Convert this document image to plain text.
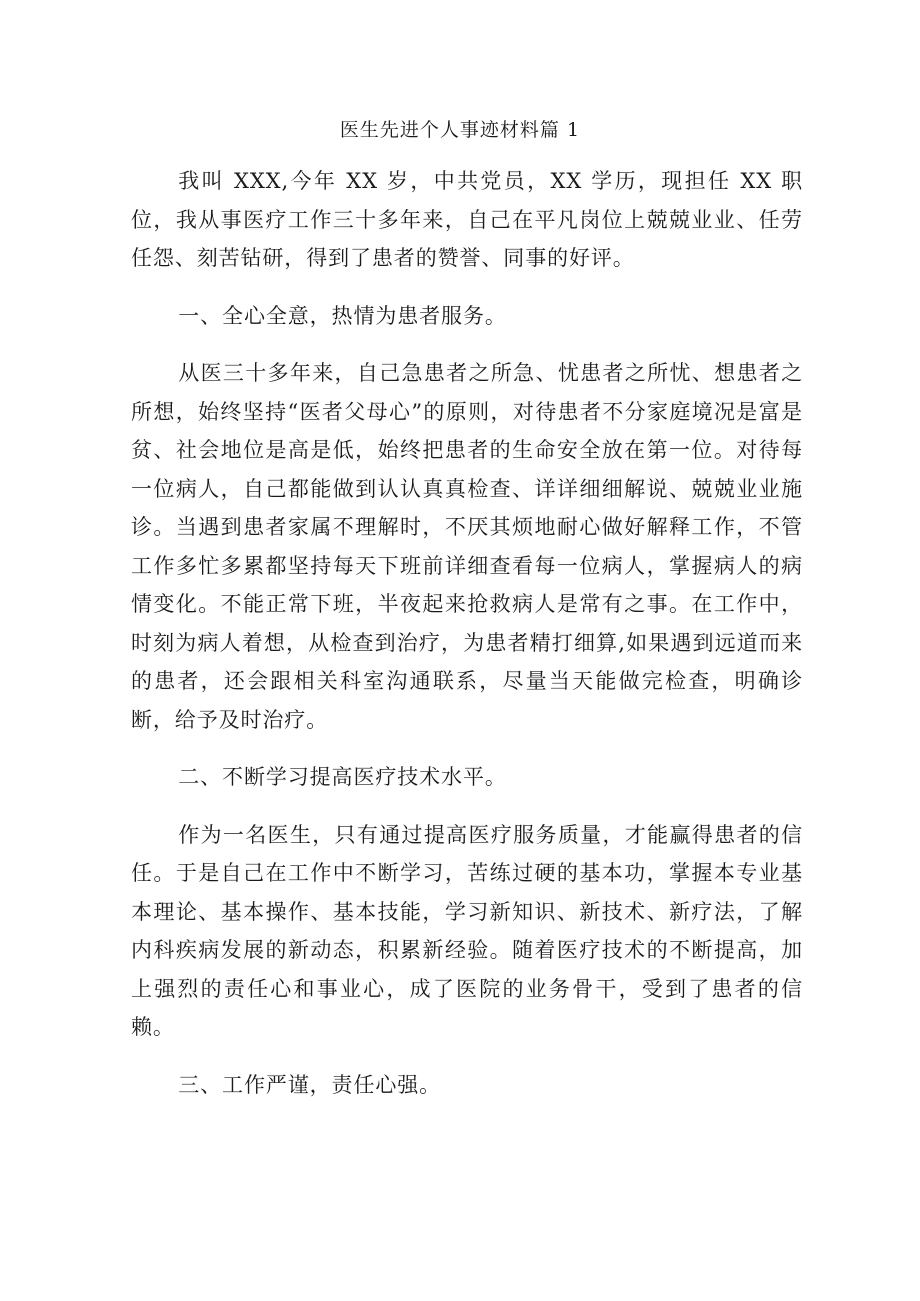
医生先进个人事迹材料篇 1

我叫 XXX,今年 XX 岁，中共党员，XX 学历，现担任 XX 职位，我从事医疗工作三十多年来，自己在平凡岗位上兢兢业业、任劳任怨、刻苦钻研，得到了患者的赞誉、同事的好评。

一、全心全意，热情为患者服务。

从医三十多年来，自己急患者之所急、忧患者之所忧、想患者之所想，始终坚持“医者父母心”的原则，对待患者不分家庭境况是富是贫、社会地位是高是低，始终把患者的生命安全放在第一位。对待每一位病人，自己都能做到认认真真检查、详详细细解说、兢兢业业施诊。当遇到患者家属不理解时，不厌其烦地耐心做好解释工作，不管工作多忙多累都坚持每天下班前详细查看每一位病人，掌握病人的病情变化。不能正常下班，半夜起来抢救病人是常有之事。在工作中，时刻为病人着想，从检查到治疗，为患者精打细算,如果遇到远道而来的患者，还会跟相关科室沟通联系，尽量当天能做完检查，明确诊断，给予及时治疗。

二、不断学习提高医疗技术水平。

作为一名医生，只有通过提高医疗服务质量，才能赢得患者的信任。于是自己在工作中不断学习，苦练过硬的基本功，掌握本专业基本理论、基本操作、基本技能，学习新知识、新技术、新疗法，了解内科疾病发展的新动态，积累新经验。随着医疗技术的不断提高，加上强烈的责任心和事业心，成了医院的业务骨干，受到了患者的信赖。

三、工作严谨，责任心强。
